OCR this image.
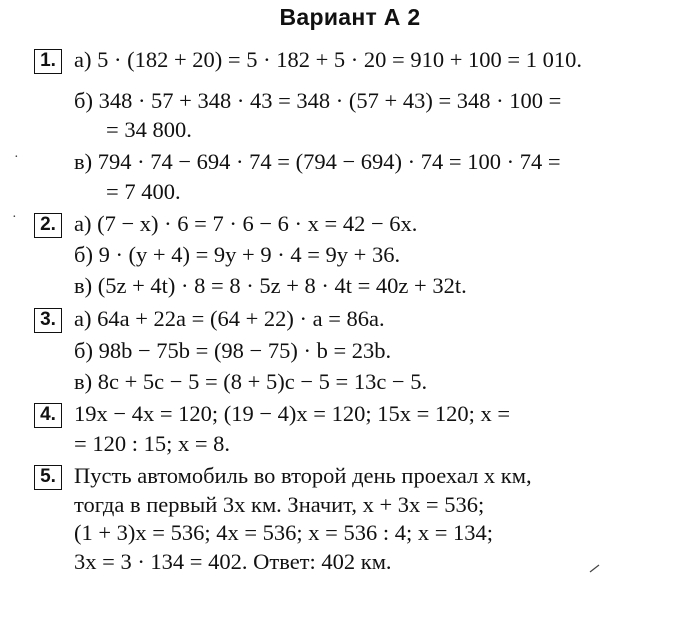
Вариант А 2
1. а) 5 · (182 + 20) = 5 · 182 + 5 · 20 = 910 + 100 = 1 010.
б) 348 · 57 + 348 · 43 = 348 · (57 + 43) = 348 · 100 =
= 34 800.
в) 794 · 74 − 694 · 74 = (794 − 694) · 74 = 100 · 74 =
= 7 400.
2. а) (7 − x) · 6 = 7 · 6 − 6 · x = 42 − 6x.
б) 9 · (y + 4) = 9y + 9 · 4 = 9y + 36.
в) (5z + 4t) · 8 = 8 · 5z + 8 · 4t = 40z + 32t.
3. а) 64a + 22a = (64 + 22) · a = 86a.
б) 98b − 75b = (98 − 75) · b = 23b.
в) 8c + 5c − 5 = (8 + 5)c − 5 = 13c − 5.
4. 19x − 4x = 120; (19 − 4)x = 120; 15x = 120; x =
= 120 : 15; x = 8.
5. Пусть автомобиль во второй день проехал x км,
тогда в первый 3x км. Значит, x + 3x = 536;
(1 + 3)x = 536; 4x = 536; x = 536 : 4; x = 134;
3x = 3 · 134 = 402. Ответ: 402 км.
·
·
